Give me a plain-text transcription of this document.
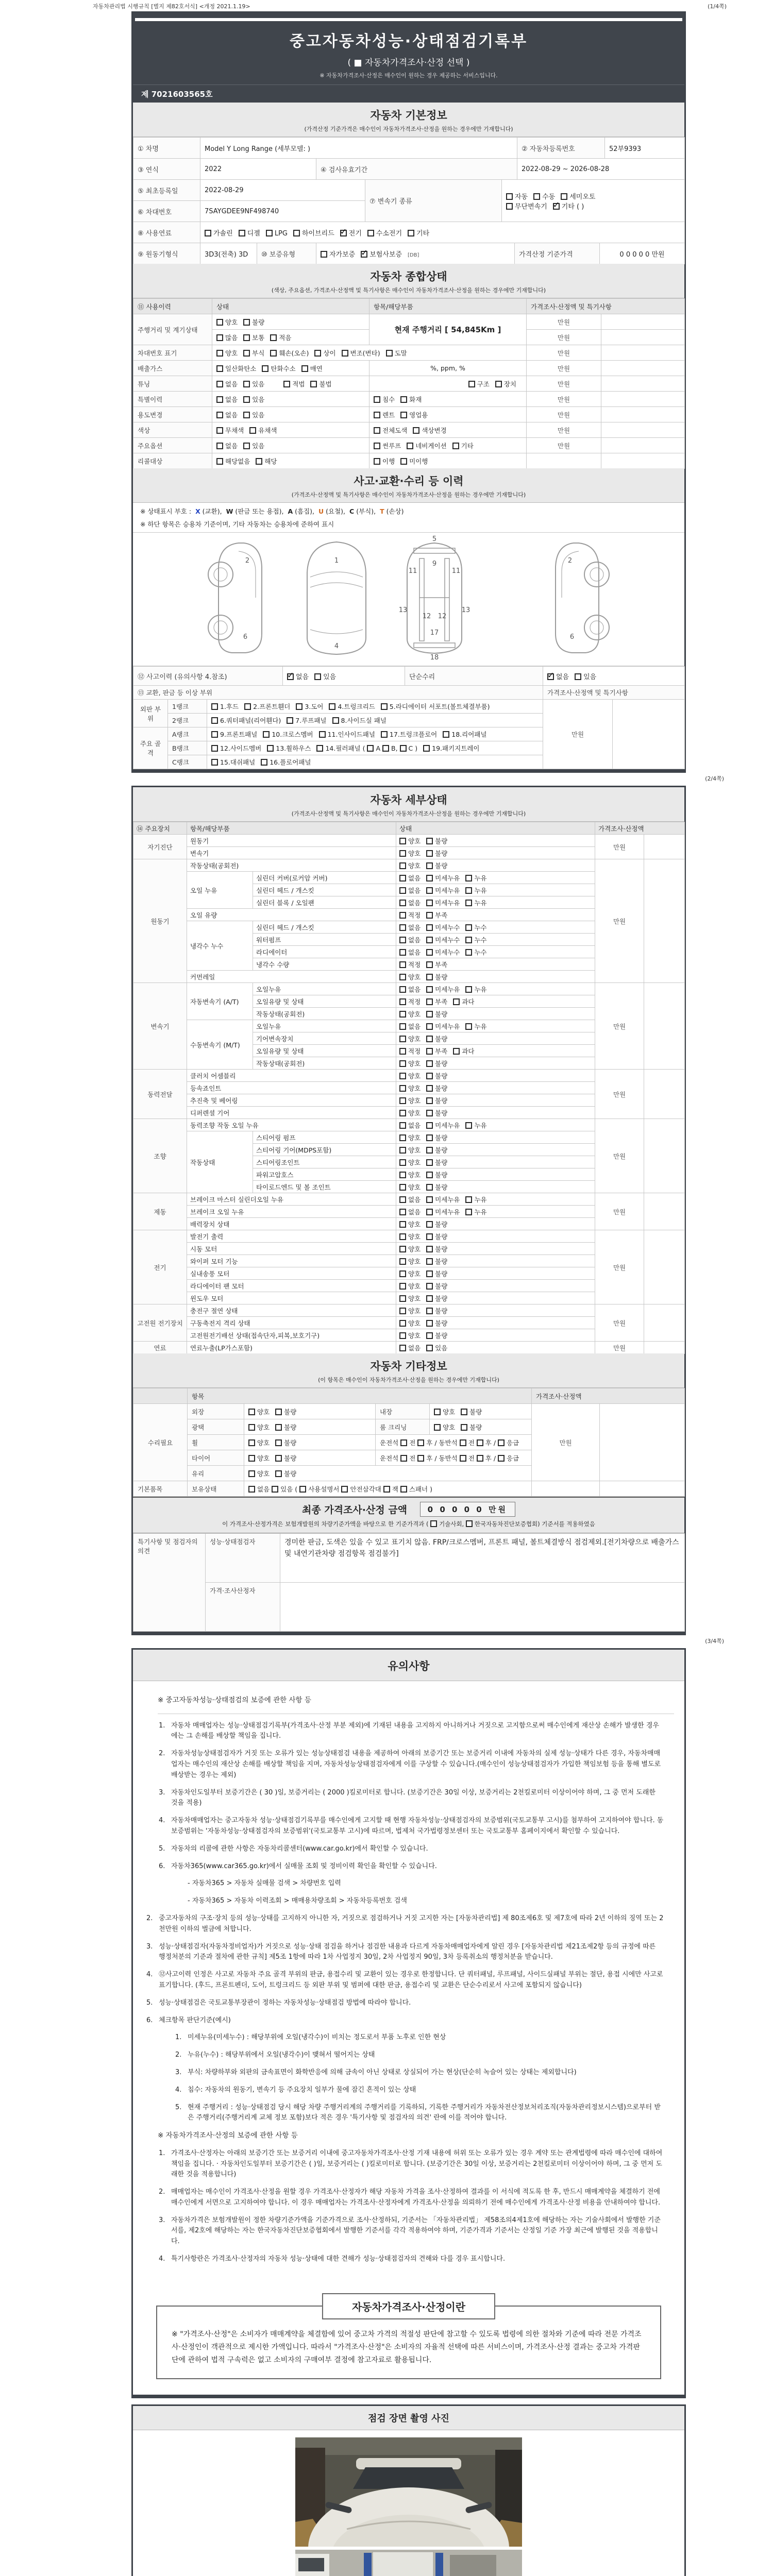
자동차관리법 시행규칙 [별지 제82호서식] <개정 2021.1.19>	(1/4쪽)
중고자동차성능·상태점검기록부
( ■ 자동차가격조사·산정 선택 )
※ 자동차가격조사·산정은 매수인이 원하는 경우 제공하는 서비스입니다.
제 7021603565호
자동차 기본정보
(가격산정 기준가격은 매수인이 자동차가격조사·산정을 원하는 경우에만 기재합니다)
① 차명	Model Y Long Range (세부모델: )	② 자동차등록번호	52부9393
③ 연식	2022	④ 검사유효기간	2022-08-29 ~ 2026-08-28
⑤ 최초등록일	2022-08-29	⑦ 변속기 종류	자동 수동 세미오토
무단변속기 ✓ 기타 ( )

⑥ 차대번호	7SAYGDEE9NF498740		
⑧ 사용연료	가솔린 디젤 LPG 하이브리드 ✓ 전기 수소전기 기타
⑨ 원동기형식	3D3(전축) 3D	⑩ 보증유형	자가보증 ✓ 보험사보증 [DB]	가격산정 기준가격	0 0 0 0 0 만원
자동차 종합상태
(색상, 주요옵션, 가격조사·산정액 및 특기사항은 매수인이 자동차가격조사·산정을 원하는 경우에만 기재합니다)
⑪ 사용이력	상태	항목/해당부품	가격조사·산정액 및 특기사항	
주행거리 및 계기상태	양호 불량	현재 주행거리 [ 54,845Km ]	만원	
	많음 보통 적음		만원	
차대번호 표기	양호 부식 훼손(오손) 상이 변조(변타) 도말		만원	
배출가스	일산화탄소 탄화수소 매연	%, ppm, %	만원	
튜닝	없음 있음 적법 불법	구조 장치	만원	
특별이력	없음 있음	침수 화재	만원	
용도변경	없음 있음	렌트 영업용	만원	
색상	무채색 유채색	전체도색 색상변경	만원	
주요옵션	없음 있음	썬루프 네비게이션 기타	만원	
리콜대상	해당없음 해당	이행 미이행		
사고·교환·수리 등 이력
(가격조사·산정액 및 특기사항은 매수인이 자동차가격조사·산정을 원하는 경우에만 기재합니다)
※ 상태표시 부호 : X (교환), W (판금 또는 용접), A (흠집), U (요철), C (부식), T (손상)
※ 하단 항목은 승용차 기준이며, 기타 자동차는 승용차에 준하여 표시
2
6
1
4
5
9
11	11
13	13
12 12
17
18
2
6
⑫ 사고이력 (유의사항 4.참조)	✓없음 있음	단순수리	✓없음 있음
⑬ 교환, 판금 등 이상 부위			가격조사·산정액 및 특기사항	
외판 부위	1랭크	1.후드 2.프론트휀더 3.도어 4.트렁크리드 5.라디에이터 서포트(볼트체결부품)	만원	
	2랭크	6.쿼터패널(리어휀다) 7.루프패널 8.사이드실 패널		
주요 골격	A랭크	9.프론트패널 10.크로스멤버 11.인사이드패널 17.트렁크플로어 18.리어패널		
	B랭크	12.사이드멤버 13.휠하우스 14.필러패널 ( A B, C ) 19.패키지트레이		
	C랭크	15.대쉬패널 16.플로어패널		
(2/4쪽)
자동차 세부상태
(가격조사·산정액 및 특기사항은 매수인이 자동차가격조사·산정을 원하는 경우에만 기재합니다)
⑭ 주요장치	항목/해당부품		상태	가격조사·산정액	
자기진단	원동기		양호 불량	만원	
	변속기		양호 불량		
원동기	작동상태(공회전)		양호 불량	만원	
	오일 누유	실린더 커버(로커암 커버)	없음 미세누유 누유		
		실린더 헤드 / 개스킷	없음 미세누유 누유		
		실린더 블록 / 오일팬	없음 미세누유 누유		
	오일 유량		적정 부족		
	냉각수 누수	실린더 헤드 / 개스킷	없음 미세누수 누수		
		워터펌프	없음 미세누수 누수		
		라디에이터	없음 미세누수 누수		
		냉각수 수량	적정 부족		
	커먼레일		양호 불량		
변속기	자동변속기 (A/T)	오일누유	없음 미세누유 누유	만원	
		오일유량 및 상태	적정 부족 과다		
		작동상태(공회전)	양호 불량		
	수동변속기 (M/T)	오일누유	없음 미세누유 누유		
		기어변속장치	양호 불량		
		오일유량 및 상태	적정 부족 과다		
		작동상태(공회전)	양호 불량		
동력전달	클러치 어셈블리		양호 불량	만원	
	등속죠인트		양호 불량		
	추진축 및 베어링		양호 불량		
	디퍼렌셜 기어		양호 불량		
조향	동력조향 작동 오일 누유		없음 미세누유 누유	만원	
	작동상태	스티어링 펌프	양호 불량		
		스티어링 기어(MDPS포함)	양호 불량		
		스티어링조인트	양호 불량		
		파워고압호스	양호 불량		
		타이로드엔드 및 볼 조인트	양호 불량		
제동	브레이크 마스터 실린더오일 누유		없음 미세누유 누유	만원	
	브레이크 오일 누유		없음 미세누유 누유		
	배력장치 상태		양호 불량		
전기	발전기 출력		양호 불량	만원	
	시동 모터		양호 불량		
	와이퍼 모터 기능		양호 불량		
	실내송풍 모터		양호 불량		
	라디에이터 팬 모터		양호 불량		
	윈도우 모터		양호 불량		
고전원 전기장치	충전구 절연 상태		양호 불량	만원	
	구동축전지 격리 상태		양호 불량		
	고전원전기배선 상태(접속단자,피복,보호기구)		양호 불량		
연료	연료누출(LP가스포함)		없음 있음	만원	
자동차 기타정보
(이 항목은 매수인이 자동차가격조사·산정을 원하는 경우에만 기재합니다)
	항목				가격조사·산정액	
수리필요	외장	양호 불량	내장	양호 불량	만원	
	광택	양호 불량	룸 크리닝	양호 불량		
	휠	양호 불량	운전석 전 후 / 동반석 전 후 / 응급			
	타이어	양호 불량	운전석 전 후 / 동반석 전 후 / 응급			
	유리	양호 불량				
기본품목	보유상태	없음 있음 ( 사용설명서 안전삼각대 잭 스패너 )				
최종 가격조사·산정 금액	0 0 0 0 0 만원
이 가격조사·산정가격은 보험개발원의 차량기준가액을 바탕으로 한 기준가격과 ( 기술사회, 한국자동차진단보증협회) 기준서를 적용하였음
특기사항 및 점검자의 의견	성능·상태점검자	경미한 판금, 도색은 있을 수 있고 표기치 않음. FRP/크로스멤버, 프론트 패널, 볼트체결방식 점검제외.[전기차량으로 배출가스 및 내연기관차량 점검항목 점검불가]
	가격·조사산정자	
(3/4쪽)
유의사항
※ 중고자동차성능·상태점검의 보증에 관한 사항 등
1. 자동차 매매업자는 성능·상태점검기록부(가격조사·산정 부분 제외)에 기재된 내용을 고지하지 아니하거나 거짓으로 고지함으로써 매수인에게 재산상 손해가 발생한 경우에는 그 손해를 배상할 책임을 집니다.
2. 자동차성능상태점검자가 거짓 또는 오류가 있는 성능상태점검 내용을 제공하여 아래의 보증기간 또는 보증거리 이내에 자동차의 실제 성능·상태가 다른 경우, 자동차매매업자는 매수인의 재산상 손해를 배상할 책임을 지며, 자동차성능상태점검자에게 이를 구상할 수 있습니다.(매수인이 성능상태점검자가 가입한 책임보험 등을 통해 별도로 배상받는 경우는 제외)
3. 자동차인도일부터 보증기간은 ( 30 )일, 보증거리는 ( 2000 )킬로미터로 합니다. (보증기간은 30일 이상, 보증거리는 2천킬로미터 이상이어야 하며, 그 중 먼저 도래한 것을 적용)
4. 자동차매매업자는 중고자동차 성능·상태점검기록부를 매수인에게 고지할 때 현행 자동차성능·상태점검자의 보증범위(국토교통부 고시)를 첨부하여 고지하여야 합니다. 동 보증범위는 '자동차성능·상태점검자의 보증범위'(국토교통부 고시)에 따르며, 법제처 국가법령정보센터 또는 국토교통부 홈페이지에서 확인할 수 있습니다.
5. 자동차의 리콜에 관한 사항은 자동차리콜센터(www.car.go.kr)에서 확인할 수 있습니다.
6. 자동차365(www.car365.go.kr)에서 실매물 조회 및 정비이력 확인을 확인할 수 있습니다.
- 자동차365 > 자동차 실매물 검색 > 차량번호 입력
- 자동차365 > 자동차 이력조회 > 매매용차량조회 > 자동차등록번호 검색
2. 중고자동차의 구조·장치 등의 성능·상태를 고지하지 아니한 자, 거짓으로 점검하거나 거짓 고지한 자는 [자동차관리법] 제 80조제6호 및 제7호에 따라 2년 이하의 징역 또는 2천만원 이하의 벌금에 처합니다.
3. 성능·상태점검자(자동차정비업자)가 거짓으로 성능·상태 점검을 하거나 점검한 내용과 다르게 자동차매매업자에게 알린 경우 [자동차관리법 제21조제2항 등의 규정에 따른 행정처분의 기준과 절차에 관한 규칙] 제5조 1항에 따라 1차 사업정지 30일, 2차 사업정지 90일, 3차 등록취소의 행정처분을 받습니다.
4. ⑫사고이력 인정은 사고로 자동차 주요 골격 부위의 판금, 용접수리 및 교환이 있는 경우로 한정합니다. 단 쿼터패널, 루프패널, 사이드실패널 부위는 절단, 용접 시에만 사고로 표기합니다. (후드, 프론트펜더, 도어, 트렁크리드 등 외판 부위 및 범퍼에 대한 판금, 용접수리 및 교환은 단순수리로서 사고에 포함되지 않습니다)
5. 성능·상태점검은 국토교통부장관이 정하는 자동차성능·상태점검 방법에 따라야 합니다.
6. 체크항목 판단기준(예시)
1. 미세누유(미세누수) : 해당부위에 오일(냉각수)이 비치는 정도로서 부품 노후로 인한 현상
2. 누유(누수) : 해당부위에서 오일(냉각수)이 맺혀서 떨어지는 상태
3. 부식: 차량하부와 외판의 금속표면이 화학반응에 의해 금속이 아닌 상태로 상실되어 가는 현상(단순히 녹슬어 있는 상태는 제외합니다)
4. 침수: 자동차의 원동기, 변속기 등 주요장치 일부가 물에 잠긴 흔적이 있는 상태
5. 현재 주행거리 : 성능·상태점검 당시 해당 차량 주행거리계의 주행거리를 기록하되, 기록한 주행거리가 자동차전산정보처리조직(자동차관리정보시스템)으로부터 받은 주행거리(주행거리계 교체 정보 포함)보다 적은 경우 '특기사항 및 점검자의 의견' 란에 이를 적어야 합니다.
※ 자동차가격조사·산정의 보증에 관한 사항 등
1. 가격조사·산정자는 아래의 보증기간 또는 보증거리 이내에 중고자동차가격조사·산정 기재 내용에 허위 또는 오류가 있는 경우 계약 또는 관계법령에 따라 매수인에 대하여 책임을 집니다. · 자동차인도일부터 보증기간은 ( )일, 보증거리는 ( )킬로미터로 합니다. (보증기간은 30일 이상, 보증거리는 2천킬로미터 이상이어야 하며, 그 중 먼저 도래한 것을 적용합니다)
2. 매매업자는 매수인이 가격조사·산정을 원할 경우 가격조사·산정자가 해당 자동차 가격을 조사·산정하여 결과를 이 서식에 적도록 한 후, 반드시 매매계약을 체결하기 전에 매수인에게 서면으로 고지하여야 합니다. 이 경우 매매업자는 가격조사·산정자에게 가격조사·산정을 의뢰하기 전에 매수인에게 가격조사·산정 비용을 안내하여야 합니다.
3. 자동차가격은 보험개발원이 정한 차량기준가액을 기준가격으로 조사·산정하되, 기준서는 「자동차관리법」 제58조의4제1호에 해당하는 자는 기술사회에서 발행한 기준서를, 제2호에 해당하는 자는 한국자동차진단보증협회에서 발행한 기준서를 각각 적용하여야 하며, 기준가격과 기준서는 산정일 기준 가장 최근에 발행된 것을 적용합니다.
4. 특기사항란은 가격조사·산정자의 자동차 성능·상태에 대한 견해가 성능·상태점검자의 견해와 다를 경우 표시합니다.
자동차가격조사·산정이란
※ "가격조사·산정"은 소비자가 매매계약을 체결함에 있어 중고차 가격의 적절성 판단에 참고할 수 있도록 법령에 의한 절차와 기준에 따라 전문 가격조사·산정인이 객관적으로 제시한 가액입니다. 따라서 "가격조사·산정"은 소비자의 자율적 선택에 따른 서비스이며, 가격조사·산정 결과는 중고차 가격판단에 관하여 법적 구속력은 없고 소비자의 구매여부 결정에 참고자료로 활용됩니다.
점검 장면 촬영 사진
